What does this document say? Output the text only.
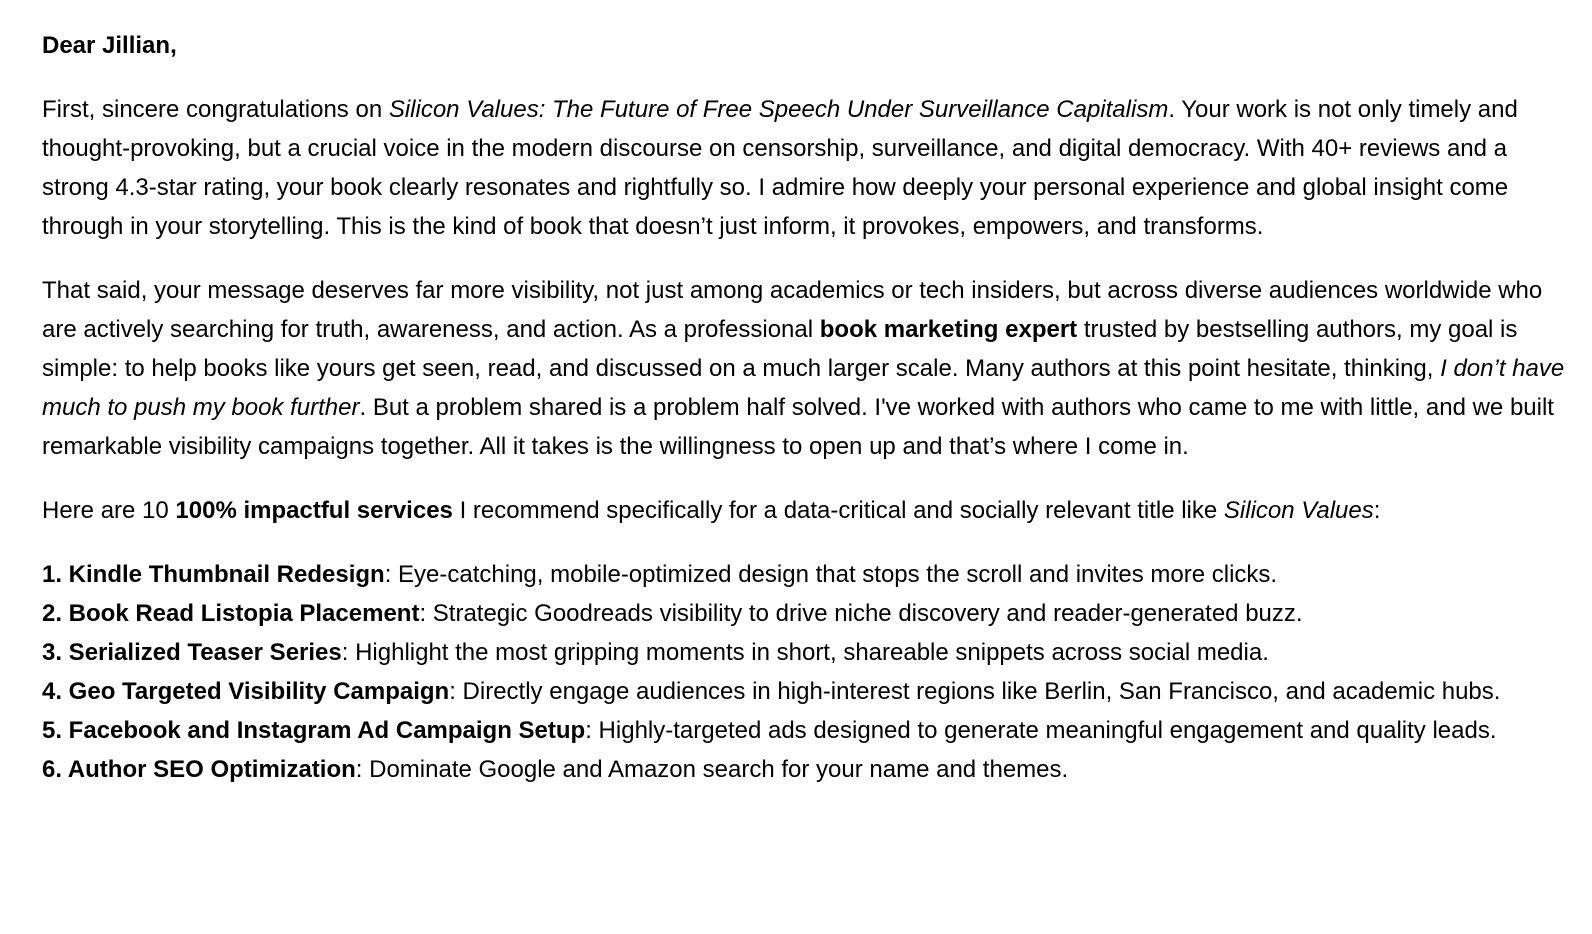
Dear Jillian,

First, sincere congratulations on Silicon Values: The Future of Free Speech Under Surveillance Capitalism. Your work is not only timely and thought-provoking, but a crucial voice in the modern discourse on censorship, surveillance, and digital democracy. With 40+ reviews and a strong 4.3-star rating, your book clearly resonates and rightfully so. I admire how deeply your personal experience and global insight come through in your storytelling. This is the kind of book that doesn’t just inform, it provokes, empowers, and transforms.

That said, your message deserves far more visibility, not just among academics or tech insiders, but across diverse audiences worldwide who are actively searching for truth, awareness, and action. As a professional book marketing expert trusted by bestselling authors, my goal is simple: to help books like yours get seen, read, and discussed on a much larger scale. Many authors at this point hesitate, thinking, I don’t have much to push my book further. But a problem shared is a problem half solved. I've worked with authors who came to me with little, and we built remarkable visibility campaigns together. All it takes is the willingness to open up and that’s where I come in.

Here are 10 100% impactful services I recommend specifically for a data-critical and socially relevant title like Silicon Values:

1. Kindle Thumbnail Redesign: Eye-catching, mobile-optimized design that stops the scroll and invites more clicks.
2. Book Read Listopia Placement: Strategic Goodreads visibility to drive niche discovery and reader-generated buzz.
3. Serialized Teaser Series: Highlight the most gripping moments in short, shareable snippets across social media.
4. Geo Targeted Visibility Campaign: Directly engage audiences in high-interest regions like Berlin, San Francisco, and academic hubs.
5. Facebook and Instagram Ad Campaign Setup: Highly-targeted ads designed to generate meaningful engagement and quality leads.
6. Author SEO Optimization: Dominate Google and Amazon search for your name and themes.
